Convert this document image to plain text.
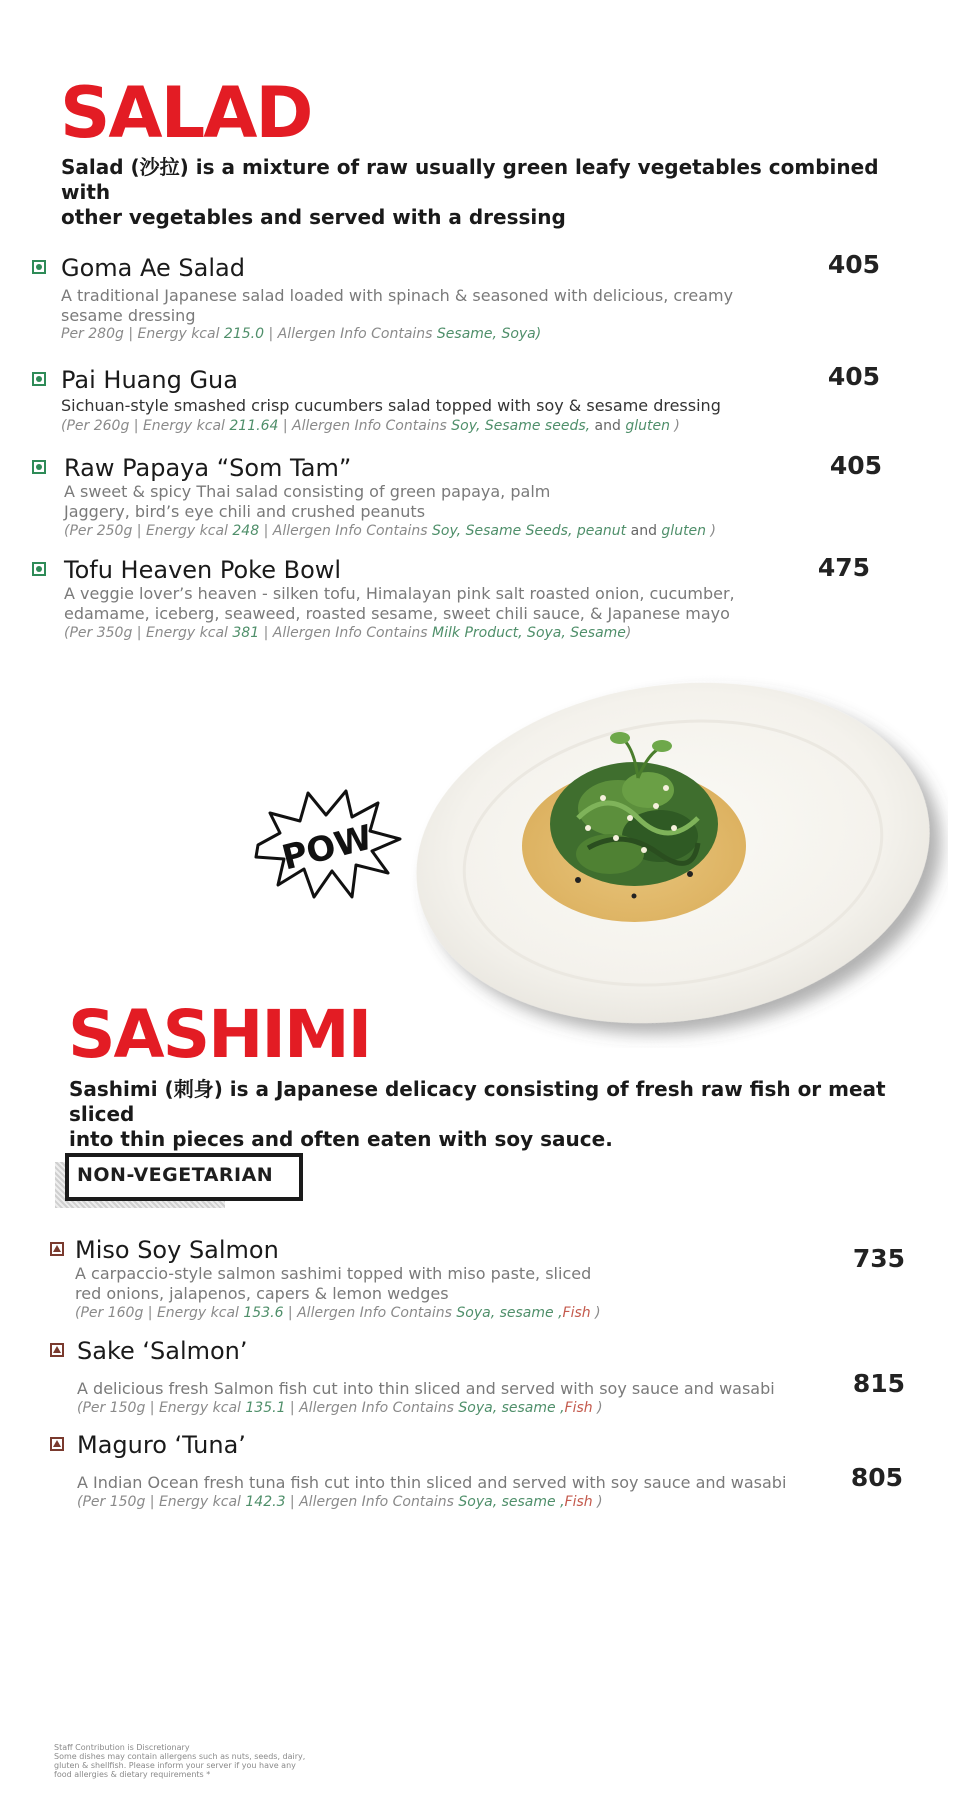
SALAD

Salad (沙拉) is a mixture of raw usually green leafy vegetables combined with

other vegetables and served with a dressing

Goma Ae Salad
A traditional Japanese salad loaded with spinach & seasoned with delicious, creamy
sesame dressing
Per 280g | Energy kcal 215.0 | Allergen Info Contains Sesame, Soya)
405
Pai Huang Gua
Sichuan-style smashed crisp cucumbers salad topped with soy & sesame dressing
(Per 260g | Energy kcal 211.64 | Allergen Info Contains Soy, Sesame seeds, and gluten )
405
Raw Papaya “Som Tam”
A sweet & spicy Thai salad consisting of green papaya, palm
Jaggery, bird’s eye chili and crushed peanuts
(Per 250g | Energy kcal 248 | Allergen Info Contains Soy, Sesame Seeds, peanut and gluten )
405
Tofu Heaven Poke Bowl
A veggie lover’s heaven - silken tofu, Himalayan pink salt roasted onion, cucumber,
edamame, iceberg, seaweed, roasted sesame, sweet chili sauce, & Japanese mayo
(Per 350g | Energy kcal 381 | Allergen Info Contains Milk Product, Soya, Sesame)
475
POW
SASHIMI

Sashimi (刺身) is a Japanese delicacy consisting of fresh raw fish or meat sliced

into thin pieces and often eaten with soy sauce.

NON-VEGETARIAN
Miso Soy Salmon
A carpaccio-style salmon sashimi topped with miso paste, sliced
red onions, jalapenos, capers & lemon wedges
(Per 160g | Energy kcal 153.6 | Allergen Info Contains Soya, sesame ,Fish )
735
Sake ‘Salmon’
A delicious fresh Salmon fish cut into thin sliced and served with soy sauce and wasabi
(Per 150g | Energy kcal 135.1 | Allergen Info Contains Soya, sesame ,Fish )
815
Maguro ‘Tuna’
A Indian Ocean fresh tuna fish cut into thin sliced and served with soy sauce and wasabi
(Per 150g | Energy kcal 142.3 | Allergen Info Contains Soya, sesame ,Fish )
805
Staff Contribution is Discretionary
Some dishes may contain allergens such as nuts, seeds, dairy,
gluten & shellfish. Please inform your server if you have any
food allergies & dietary requirements *
